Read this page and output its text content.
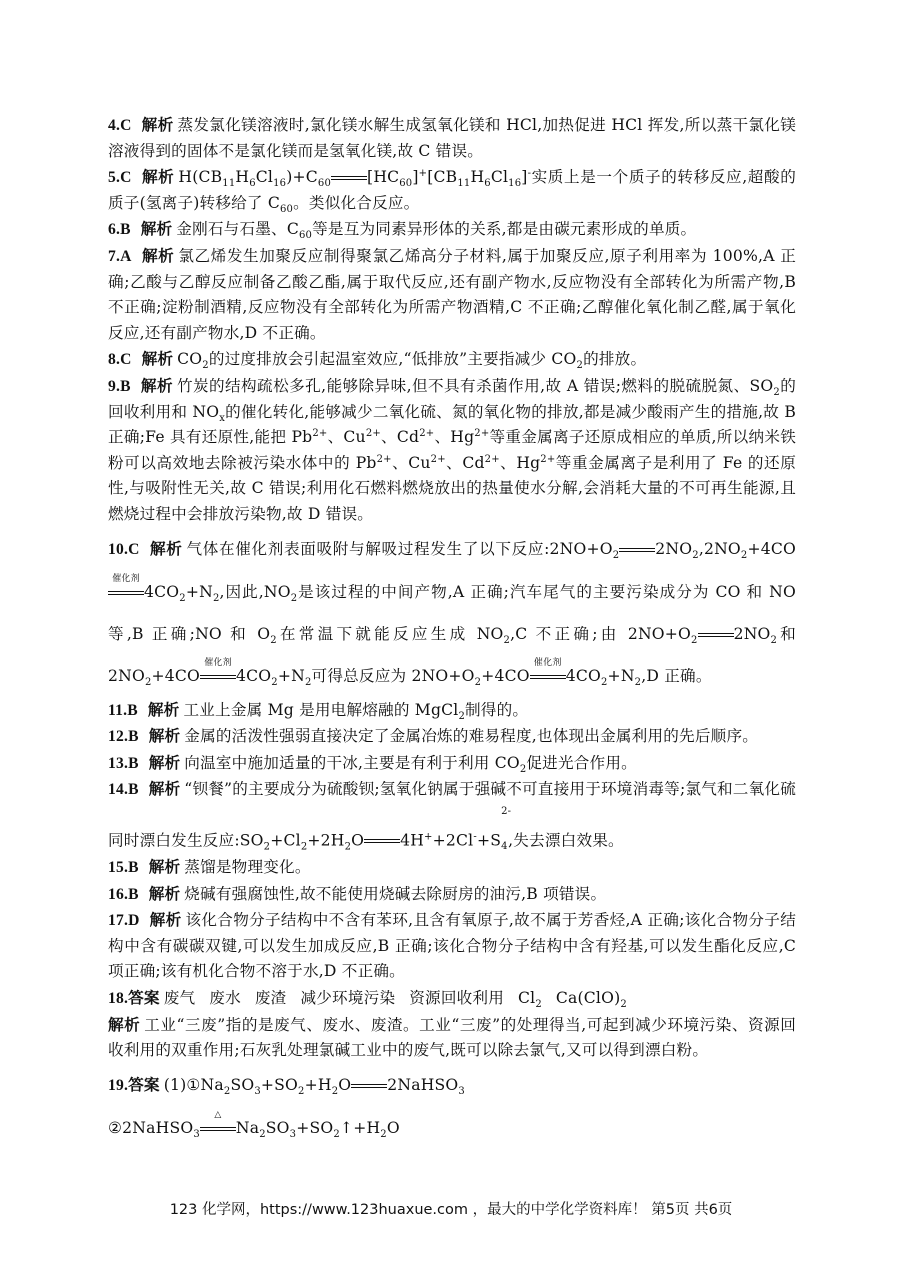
4.C 解析 蒸发氯化镁溶液时,氯化镁水解生成氢氧化镁和 HCl,加热促进 HCl 挥发,所以蒸干氯化镁溶液得到的固体不是氯化镁而是氢氧化镁,故 C 错误。

5.C 解析 $H(CB_{11}H_6Cl_{16})+C_{60}$ $[HC_{60}]^+[CB_{11}H_6Cl_{16}]^-$实质上是一个质子的转移反应,超酸的质子(氢离子)转移给了 $C_{60}$。类似化合反应。

6.B 解析 金刚石与石墨、$C_{60}$等是互为同素异形体的关系,都是由碳元素形成的单质。

7.A 解析 氯乙烯发生加聚反应制得聚氯乙烯高分子材料,属于加聚反应,原子利用率为 100%,A 正确;乙酸与乙醇反应制备乙酸乙酯,属于取代反应,还有副产物水,反应物没有全部转化为所需产物,B 不正确;淀粉制酒精,反应物没有全部转化为所需产物酒精,C 不正确;乙醇催化氧化制乙醛,属于氧化反应,还有副产物水,D 不正确。

8.C 解析 $CO_2$的过度排放会引起温室效应,“低排放”主要指减少 $CO_2$的排放。

9.B 解析 竹炭的结构疏松多孔,能够除异味,但不具有杀菌作用,故 A 错误;燃料的脱硫脱氮、$SO_2$的回收利用和 $NO_x$的催化转化,能够减少二氧化硫、氮的氧化物的排放,都是减少酸雨产生的措施,故 B 正确;Fe 具有还原性,能把 $Pb^{2+}$、$Cu^{2+}$、$Cd^{2+}$、$Hg^{2+}$等重金属离子还原成相应的单质,所以纳米铁粉可以高效地去除被污染水体中的 $Pb^{2+}$、$Cu^{2+}$、$Cd^{2+}$、$Hg^{2+}$等重金属离子是利用了 Fe 的还原性,与吸附性无关,故 C 错误;利用化石燃料燃烧放出的热量使水分解,会消耗大量的不可再生能源,且燃烧过程中会排放污染物,故 D 错误。

10.C 解析 气体在催化剂表面吸附与解吸过程发生了以下反应$:2NO+O_2$ $2NO_2,2NO_2+4CO$
催化剂
$4CO_2+N_2$,因此$,NO_2$是该过程的中间产物,A 正确;汽车尾气的主要污染成分为 CO 和 NO 等,B 正确;NO 和 $O_2$在常温下就能反应生成 $NO_2,C$ 不正确;由 $2NO+O_2$ $2NO_2$和 $2NO_2+4CO$
催化剂
$4CO_2+N_2$可得总反应为 $2NO+O_2+4CO$
催化剂
$4CO_2+N_2,D$ 正确。

11.B 解析 工业上金属 Mg 是用电解熔融的 MgCl$_2$制得的。

12.B 解析 金属的活泼性强弱直接决定了金属冶炼的难易程度,也体现出金属利用的先后顺序。

13.B 解析 向温室中施加适量的干冰,主要是有利于利用 $CO_2$促进光合作用。

14.B 解析 “钡餐”的主要成分为硫酸钡;氢氧化钠属于强碱不可直接用于环境消毒等;氯气和二氧化硫同时漂白发生反应$:SO_2+Cl_2+2H_2O$ $4H^++2Cl^-+S^{2-}_4$,失去漂白效果。

15.B 解析 蒸馏是物理变化。

16.B 解析 烧碱有强腐蚀性,故不能使用烧碱去除厨房的油污,B 项错误。

17.D 解析 该化合物分子结构中不含有苯环,且含有氧原子,故不属于芳香烃,A 正确;该化合物分子结构中含有碳碳双键,可以发生加成反应,B 正确;该化合物分子结构中含有羟基,可以发生酯化反应,C 项正确;该有机化合物不溶于水,D 不正确。

18.答案 废气 废水 废渣 减少环境污染 资源回收利用 $Cl_2$ $Ca(ClO)_2$
解析 工业“三废”指的是废气、废水、废渣。工业“三废”的处理得当,可起到减少环境污染、资源回收利用的双重作用;石灰乳处理氯碱工业中的废气,既可以除去氯气,又可以得到漂白粉。

19.答案 $(1)①Na_2SO_3+SO_2+H_2O$ 2NaHSO$_3$
②2NaHSO$_3$
△
$Na_2SO_3+SO_2↑+H_2O$

123 化学网，https://www.123huaxue.com ，最大的中学化学资料库！ 第5页 共6页
